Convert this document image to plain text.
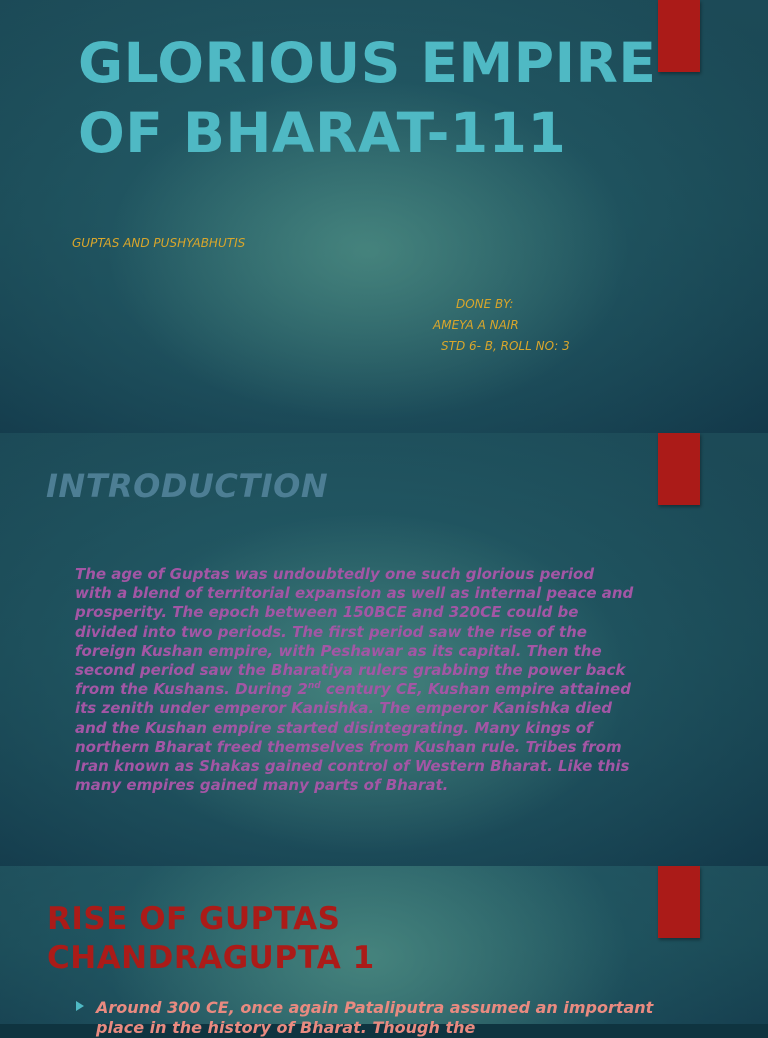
GLORIOUS EMPIRE
OF BHARAT-111
GUPTAS AND PUSHYABHUTIS
DONE BY:
AMEYA A NAIR
STD 6- B, ROLL NO: 3
INTRODUCTION

The age of Guptas was undoubtedly one such glorious period with a blend of territorial expansion as well as internal peace and prosperity. The epoch between 150BCE and 320CE could be divided into two periods. The first period saw the rise of the foreign Kushan empire, with Peshawar as its capital. Then the second period saw the Bharatiya rulers grabbing the power back from the Kushans. During 2nd century CE, Kushan empire attained its zenith under emperor Kanishka. The emperor Kanishka died and the Kushan empire started disintegrating. Many kings of northern Bharat freed themselves from Kushan rule. Tribes from Iran known as Shakas gained control of Western Bharat. Like this many empires gained many parts of Bharat.

RISE OF GUPTAS
CHANDRAGUPTA 1

Around 300 CE, once again Pataliputra assumed an important place in the history of Bharat. Though the
